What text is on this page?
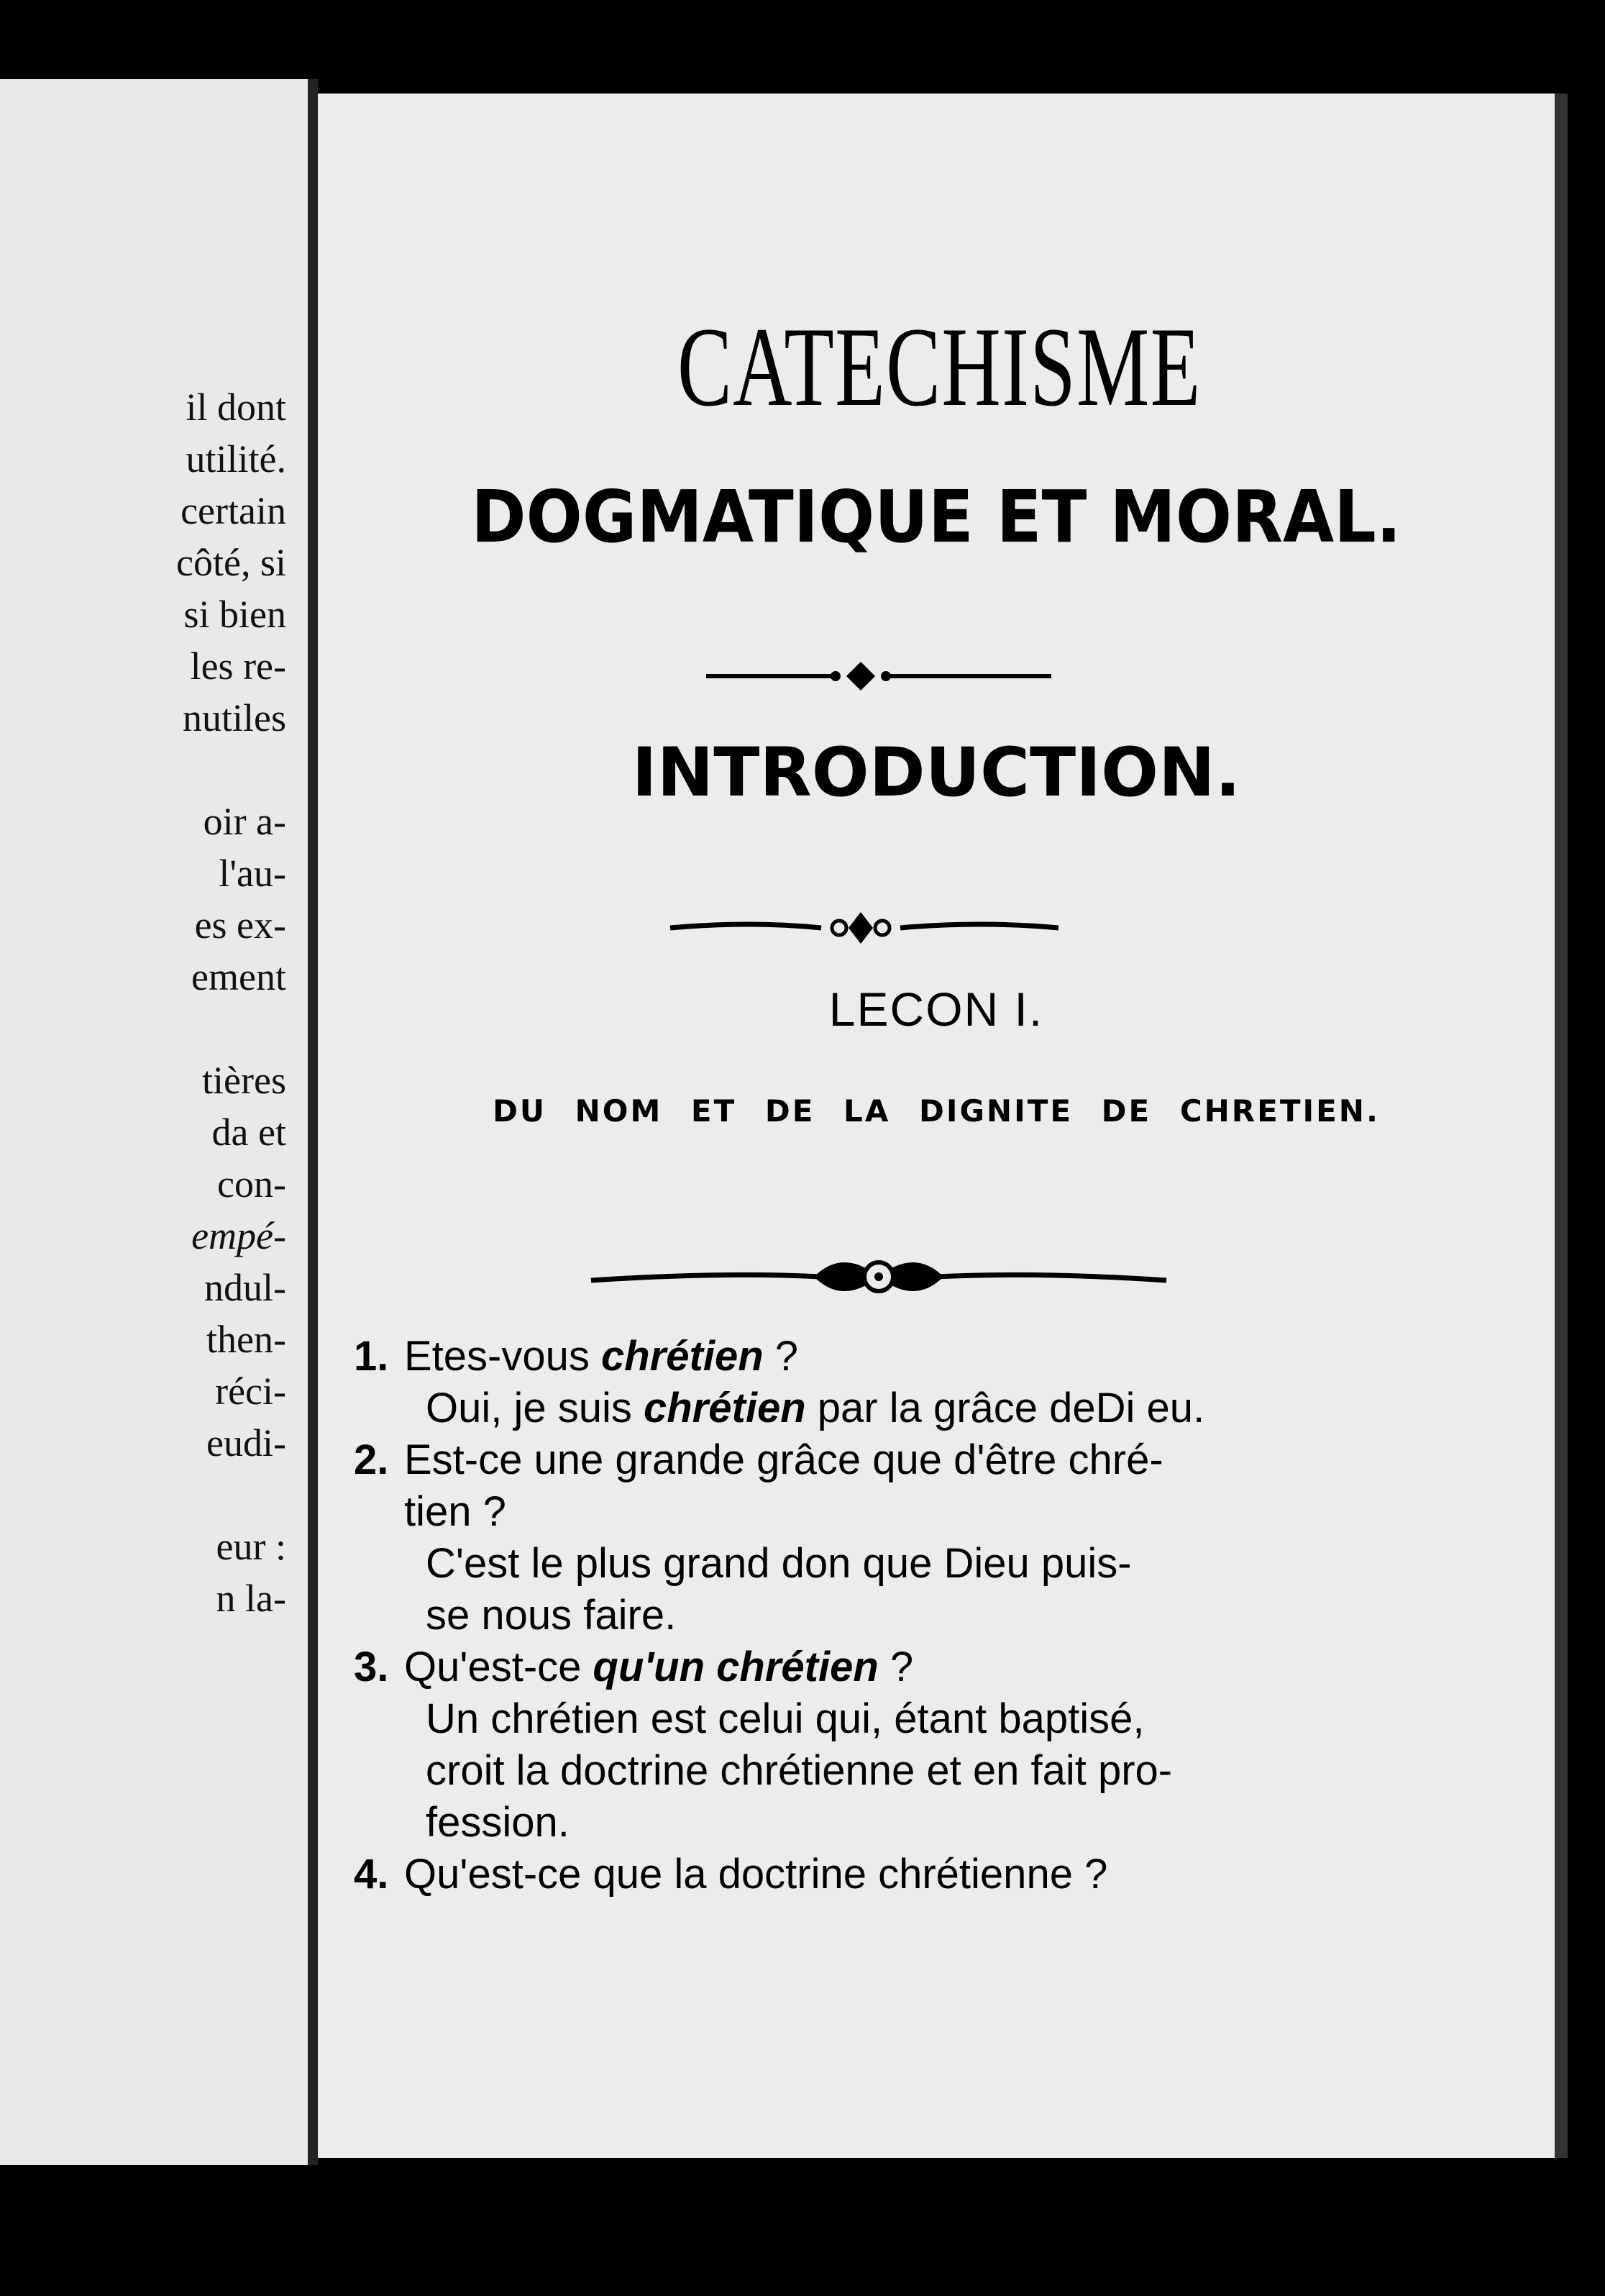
il dont
utilité.
certain
côté, si
si bien
les re-
nutiles

oir a-
l'au-
es ex-
ement

tières
da et
con-
empé-
ndul-
then-
réci-
eudi-

eur :
n la-
CATECHISME
DOGMATIQUE ET MORAL.
INTRODUCTION.
LECON I.
DU NOM ET DE LA DIGNITE DE CHRETIEN.
1. Etes-vous chrétien ?
Oui, je suis chrétien par la grâce deDi eu.
2. Est-ce une grande grâce que d'être chré-
tien ?
C'est le plus grand don que Dieu puis-
se nous faire.
3. Qu'est-ce qu'un chrétien ?
Un chrétien est celui qui, étant baptisé,
croit la doctrine chrétienne et en fait pro-
fession.
4. Qu'est-ce que la doctrine chrétienne ?
